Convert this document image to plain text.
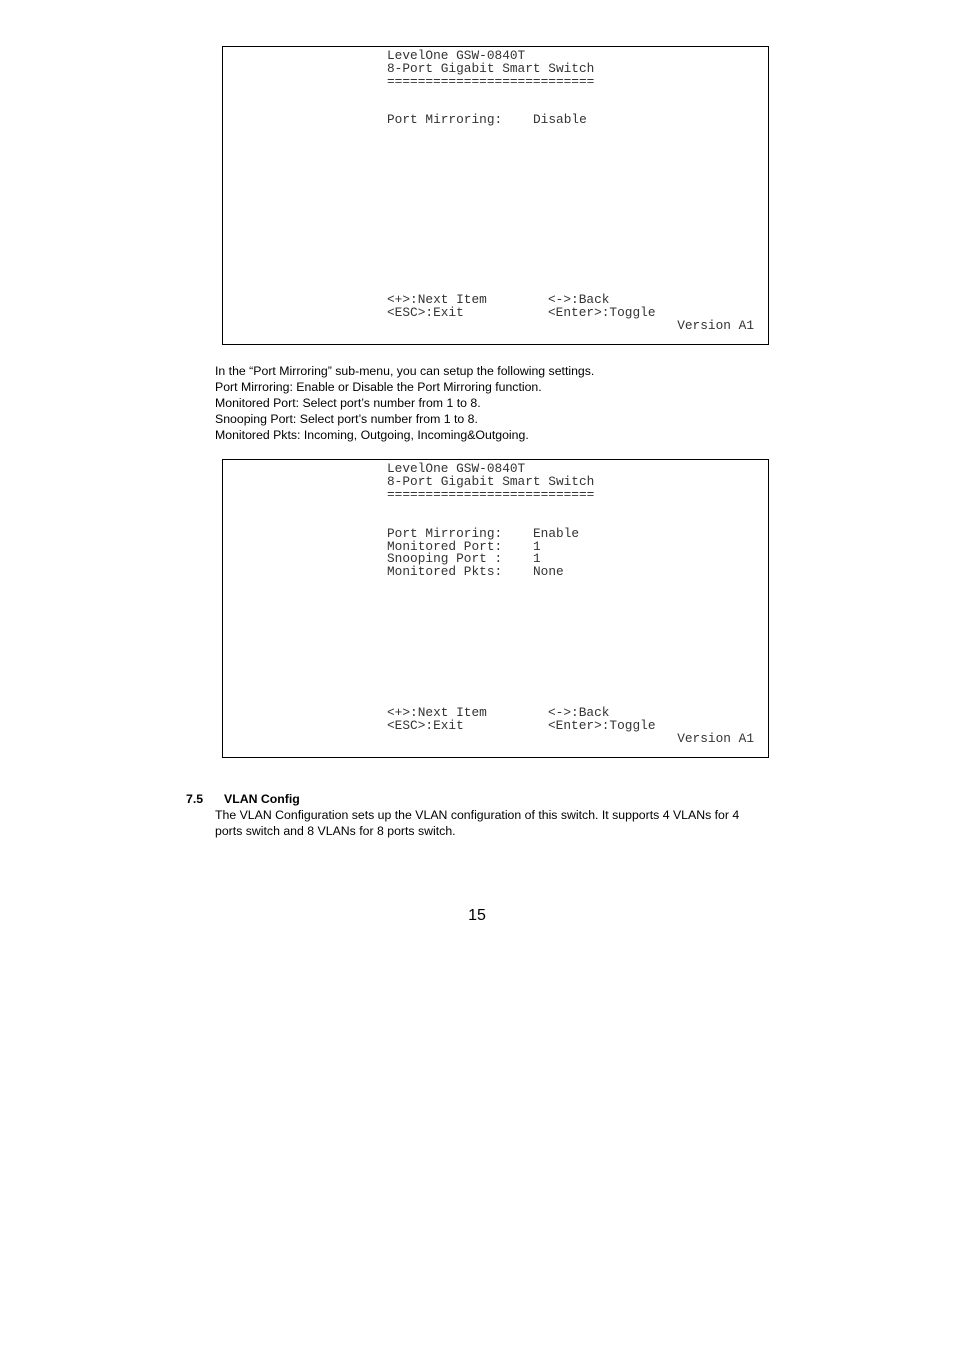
LevelOne GSW-0840T

8-Port Gigabit Smart Switch

===========================

Port Mirroring: Disable

<+>:Next Item	<->:Back

<ESC>:Exit	<Enter>:Toggle

Version A1

In the “Port Mirroring” sub-menu, you can setup the following settings.

Port Mirroring: Enable or Disable the Port Mirroring function.

Monitored Port: Select port’s number from 1 to 8.

Snooping Port: Select port’s number from 1 to 8.

Monitored Pkts: Incoming, Outgoing, Incoming&Outgoing.

LevelOne GSW-0840T

8-Port Gigabit Smart Switch

===========================

Port Mirroring: Enable

Monitored Port: 1

Snooping Port : 1

Monitored Pkts: None

<+>:Next Item	<->:Back

<ESC>:Exit	<Enter>:Toggle

Version A1

7.5 VLAN Config

The VLAN Configuration sets up the VLAN configuration of this switch. It supports 4 VLANs for 4

ports switch and 8 VLANs for 8 ports switch.

15
